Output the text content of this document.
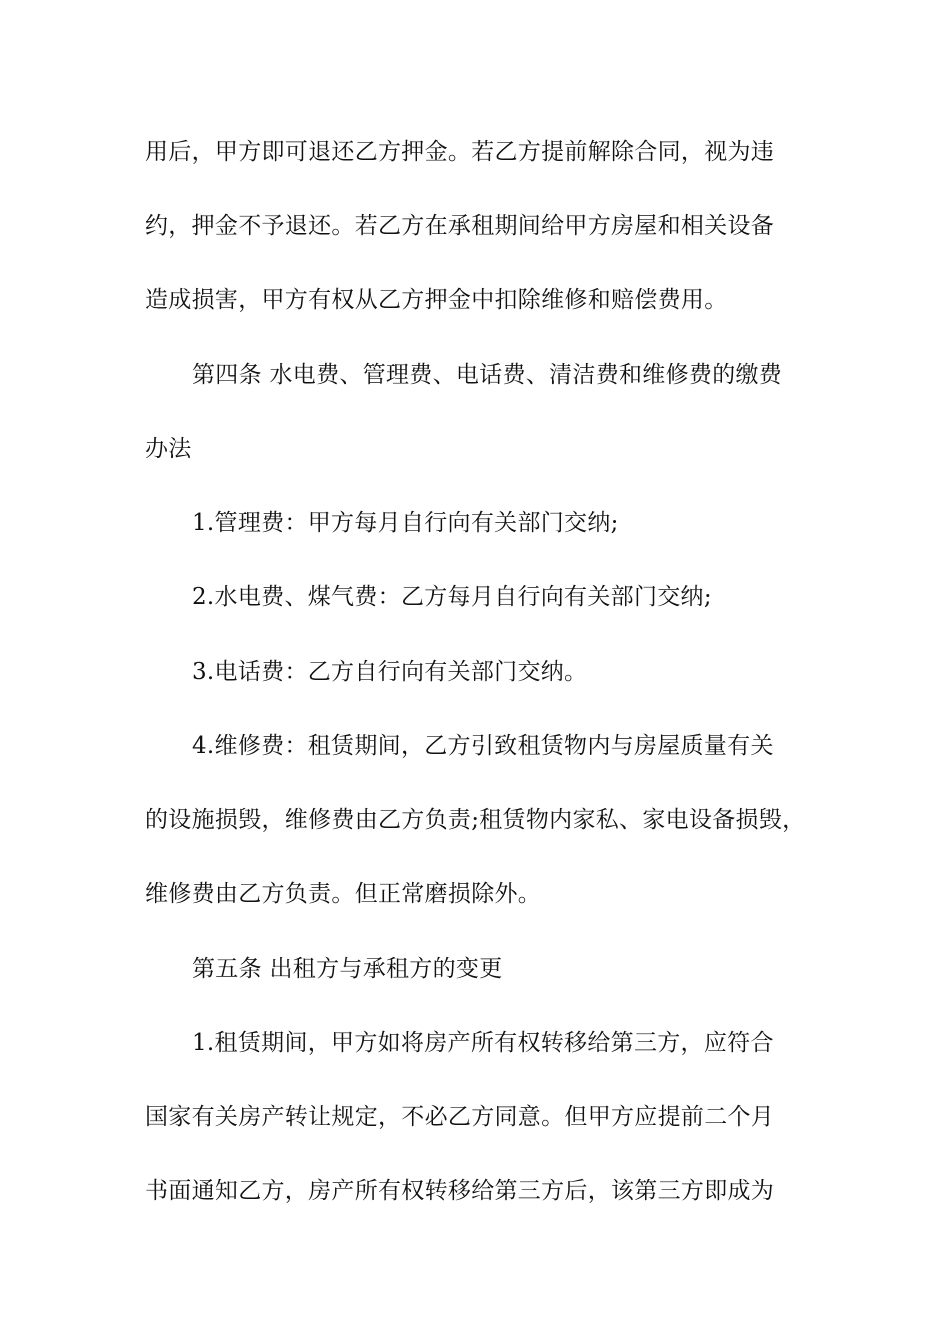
用后，甲方即可退还乙方押金。若乙方提前解除合同，视为违
约，押金不予退还。若乙方在承租期间给甲方房屋和相关设备
造成损害，甲方有权从乙方押金中扣除维修和赔偿费用。
第四条 水电费、管理费、电话费、清洁费和维修费的缴费
办法
1.管理费：甲方每月自行向有关部门交纳;
2.水电费、煤气费：乙方每月自行向有关部门交纳;
3.电话费：乙方自行向有关部门交纳。
4.维修费：租赁期间，乙方引致租赁物内与房屋质量有关
的设施损毁，维修费由乙方负责;租赁物内家私、家电设备损毁，
维修费由乙方负责。但正常磨损除外。
第五条 出租方与承租方的变更
1.租赁期间，甲方如将房产所有权转移给第三方，应符合
国家有关房产转让规定，不必乙方同意。但甲方应提前二个月
书面通知乙方，房产所有权转移给第三方后，该第三方即成为
